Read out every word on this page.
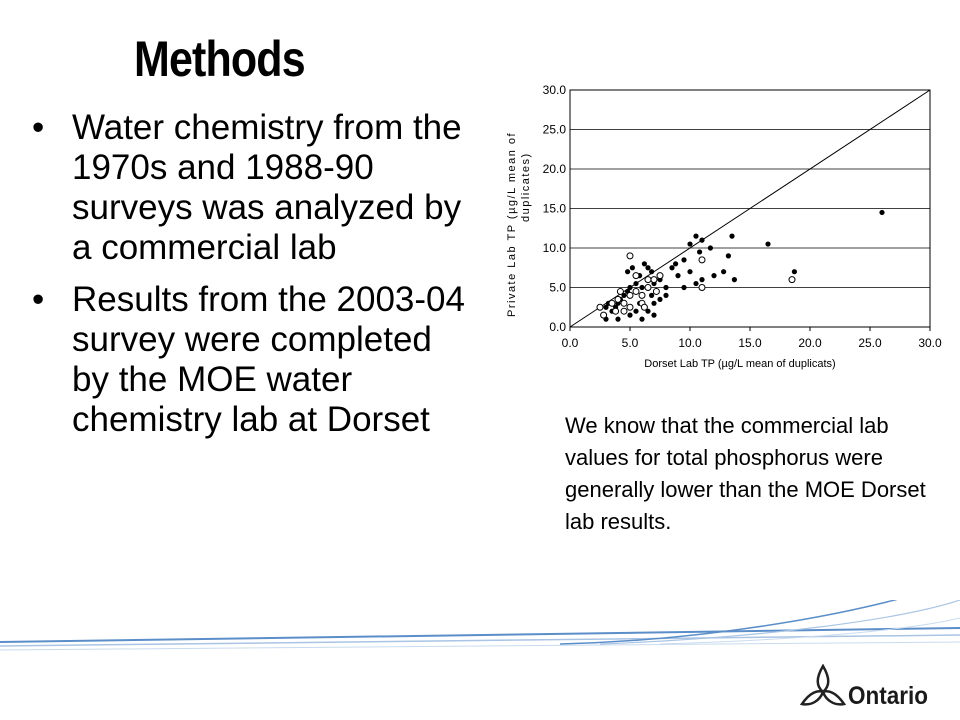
Methods
• Water chemistry from the 1970s and 1988-90 surveys was analyzed by a commercial lab
• Results from the 2003-04 survey were completed by the MOE water chemistry lab at Dorset
0.0
5.0
10.0
15.0
20.0
25.0
30.0
0.0	5.0	10.0	15.0	20.0	25.0	30.0
Private Lab TP (µg/L mean of duplicates)
Dorset Lab TP (µg/L mean of duplicats)
We know that the commercial lab values for total phosphorus were generally lower than the MOE Dorset lab results.
Ontario
